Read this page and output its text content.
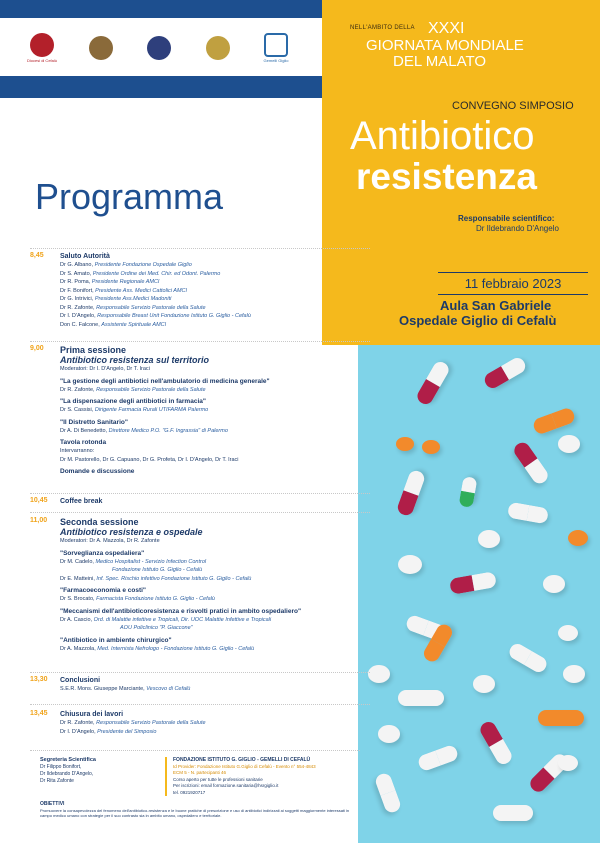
Diocesi di Cefalù	Gemelli Giglio
NELL'AMBITO DELLA XXXI
GIORNATA MONDIALE
DEL MALATO
CONVEGNO SIMPOSIO
Antibiotico
resistenza
Responsabile scientifico:
Dr Ildebrando D'Angelo
11 febbraio 2023
Aula San Gabriele
Ospedale Giglio di Cefalù
Programma
8,45	Saluto Autorità
Dr G. Albano, Presidente Fondazione Ospedale Giglio
Dr S. Amato, Presidente Ordine dei Med. Chir. ed Odont. Palermo
Dr R. Poma, Presidente Regionale AMCI
Dr F. Bonifort, Presidente Ass. Medici Cattolici AMCI
Dr G. Intrivici, Presidente Ass.Medici Madoniti
Dr R. Zafonte, Responsabile Servizio Pastorale della Salute
Dr I. D'Angelo, Responsabile Breast Unit Fondazione Istituto G. Giglio - Cefalù
Don C. Falcone, Assistente Spirituale AMCI
9,00	Prima sessione
Antibiotico resistenza sul territorio
Moderatori: Dr I. D'Angelo, Dr T. Iraci
"La gestione degli antibiotici nell'ambulatorio di medicina generale"
Dr R. Zafonte, Responsabile Servizio Pastorale della Salute
"La dispensazione degli antibiotici in farmacia"
Dr S. Cassisi, Dirigente Farmacia Rurali UTIFARMA Palermo
"Il Distretto Sanitario"
Dr A. Di Benedetto, Direttore Medico P.O. "G.F. Ingrassia" di Palermo
Tavola rotonda
Intervarranno:
Dr M. Pastorello, Dr G. Capuano, Dr G. Profeta, Dr I. D'Angelo, Dr T. Iraci
Domande e discussione
10,45	Coffee break
11,00	Seconda sessione
Antibiotico resistenza e ospedale
Moderatori: Dr A. Mazzola, Dr R. Zafonte
"Sorveglianza ospedaliera"
Dr M. Cadelo, Medico Hospitalist - Servizio Infection Control
Fondazione Istituto G. Giglio - Cefalù
Dr E. Matteini, Inf. Spec. Rischio infettivo Fondazione Istituto G. Giglio - Cefalù
"Farmacoeconomia e costi"
Dr S. Brocato, Farmacista Fondazione Istituto G. Giglio - Cefalù
"Meccanismi dell'antibioticoresistenza e risvolti pratici in ambito ospedaliero"
Dr A. Cascio, Ord. di Malattie infettive e Tropicali, Dir. UOC Malattie Infettive e Tropicali
AOU Policlinico "P. Giaccone"
"Antibiotico in ambiente chirurgico"
Dr A. Mazzola, Med. Internista Nefrologo - Fondazione Istituto G. Giglio - Cefalù
13,30	Conclusioni
S.E.R. Mons. Giuseppe Marciante, Vescovo di Cefalù
13,45	Chiusura dei lavori
Dr R. Zafonte, Responsabile Servizio Pastorale della Salute
Dr I. D'Angelo, Presidente del Simposio
Segreteria Scientifica
Dr Filippo Bonifort,
Dr Ildebrando D'Angelo,
Dr Rita Zafonte
FONDAZIONE ISTITUTO G. GIGLIO - GEMELLI DI CEFALÙ
Id Provider: Fondazione Istituto G.Giglio di Cefalù - Evento n° 554-4843
ECM 5 - N. partecipanti 46
Corso aperto per tutte le professioni sanitarie
Per iscrizioni: email formazione.sanitaria@hsrgiglio.it
tel. 0921920717
OBIETTIVI
Promuovere la consapevolezza del fenomeno dell'antibiotico-resistenza e le buone pratiche di prescrizione e uso di antibiotici indirizzati ai soggetti maggiormente interessati in campo medico umano con strategie per il suo contrasto sia in ambito umano, ospedaliero e territoriale.
